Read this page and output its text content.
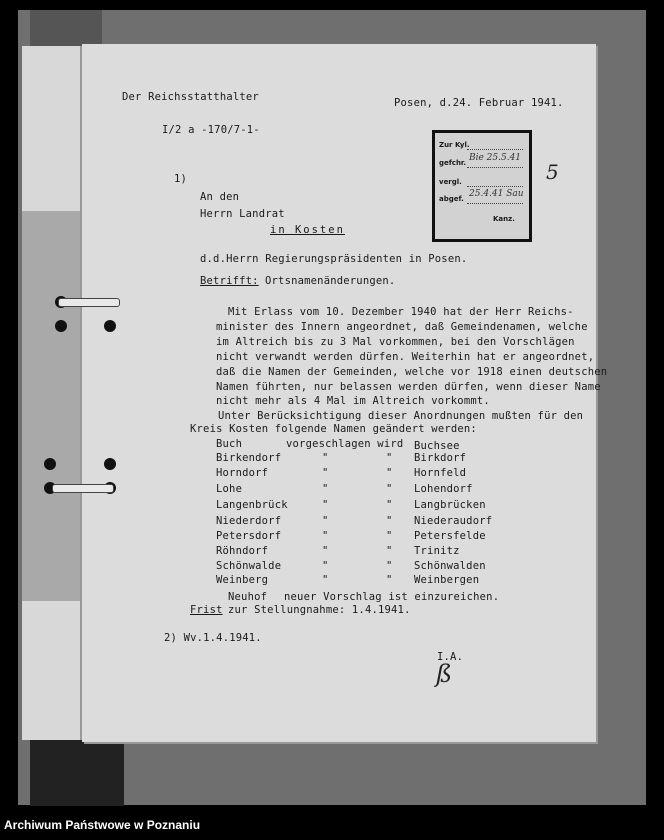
Der Reichsstatthalter	Posen, d.24. Februar 1941.
I/2 a -170/7-1-
Zur Kyl.
gefchr.
vergl.
abgef.
Kanz.
Bie 25.5.41
25.4.41 Sau
5
1)
An den
Herrn Landrat
in Kosten
d.d.Herrn Regierungspräsidenten in Posen.
Betrifft: Ortsnamenänderungen.
Mit Erlass vom 10. Dezember 1940 hat der Herr Reichs-
minister des Innern angeordnet, daß Gemeindenamen, welche
im Altreich bis zu 3 Mal vorkommen, bei den Vorschlägen
nicht verwandt werden dürfen. Weiterhin hat er angeordnet,
daß die Namen der Gemeinden, welche vor 1918 einen deutschen
Namen führten, nur belassen werden dürfen, wenn dieser Name
nicht mehr als 4 Mal im Altreich vorkommt.
Unter Berücksichtigung dieser Anordnungen mußten für den
Kreis Kosten folgende Namen geändert werden:
Buch	vorgeschlagen wird Buchsee
Birkendorf	"	" Birkdorf
Horndorf	"	" Hornfeld
Lohe	"	" Lohendorf
Langenbrück	"	" Langbrücken
Niederdorf	"	" Niederaudorf
Petersdorf	"	" Petersfelde
Röhndorf	"	" Trinitz
Schönwalde	"	" Schönwalden
Weinberg	"	" Weinbergen
Neuhof neuer Vorschlag ist einzureichen.
Frist zur Stellungnahme: 1.4.1941.
2) Wv.1.4.1941.
I.A.
ß
Archiwum Państwowe w Poznaniu
